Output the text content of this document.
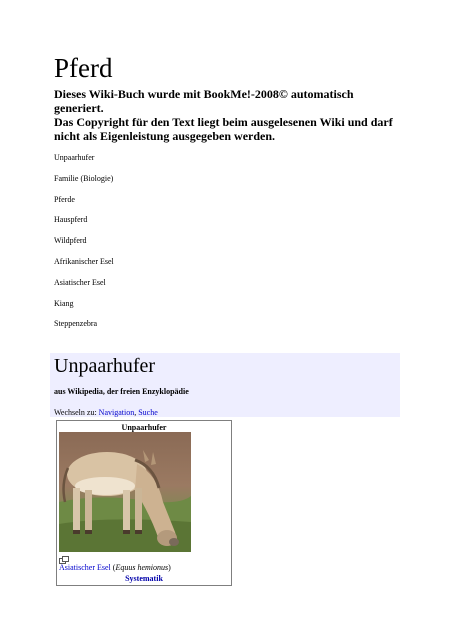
Pferd
Dieses Wiki-Buch wurde mit BookMe!-2008© automatisch generiert.
Das Copyright für den Text liegt beim ausgelesenen Wiki und darf nicht als Eigenleistung ausgegeben werden.
Unpaarhufer
Familie (Biologie)
Pferde
Hauspferd
Wildpferd
Afrikanischer Esel
Asiatischer Esel
Kiang
Steppenzebra
Unpaarhufer
aus Wikipedia, der freien Enzyklopädie
Wechseln zu: Navigation, Suche
Unpaarhufer
Asiatischer Esel (Equus hemionus)
Systematik
